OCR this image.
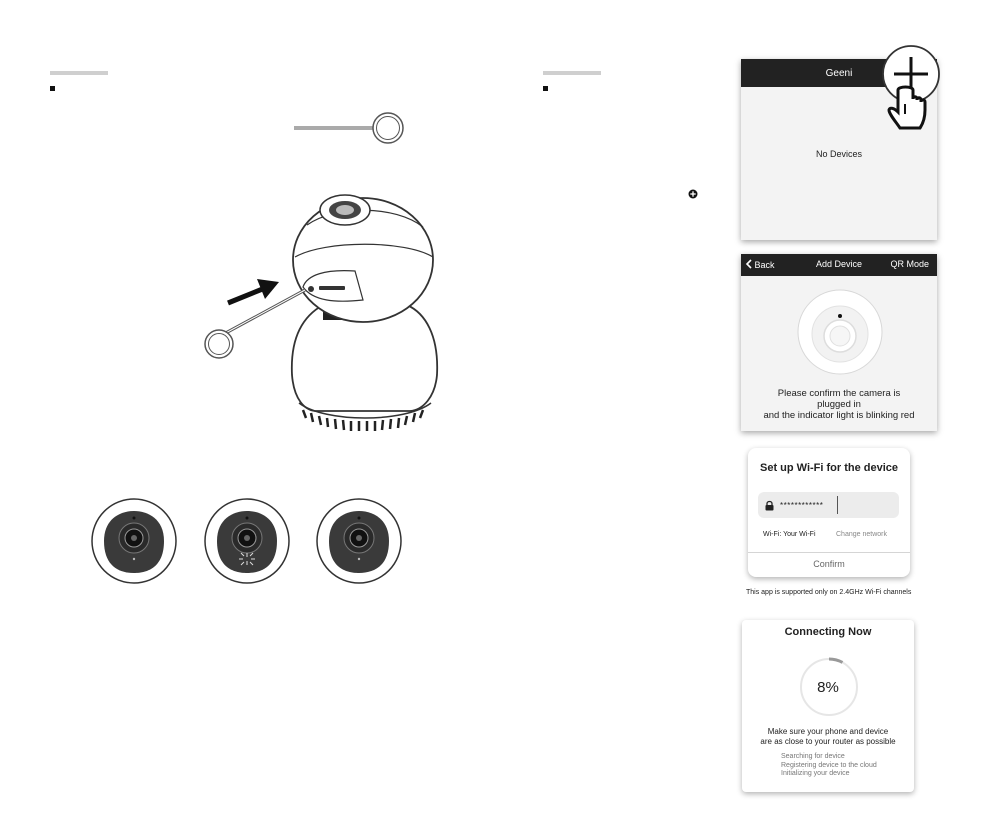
Geeni
No Devices
Back	Add Device	QR Mode
Please confirm the camera is
plugged in
and the indicator light is blinking red
Set up Wi-Fi for the device
************
Wi-Fi: Your Wi-Fi	Change network
Confirm
This app is supported only on 2.4GHz Wi-Fi channels
Connecting Now
8%
Make sure your phone and device
are as close to your router as possible
Searching for device
Registering device to the cloud
Initializing your device
